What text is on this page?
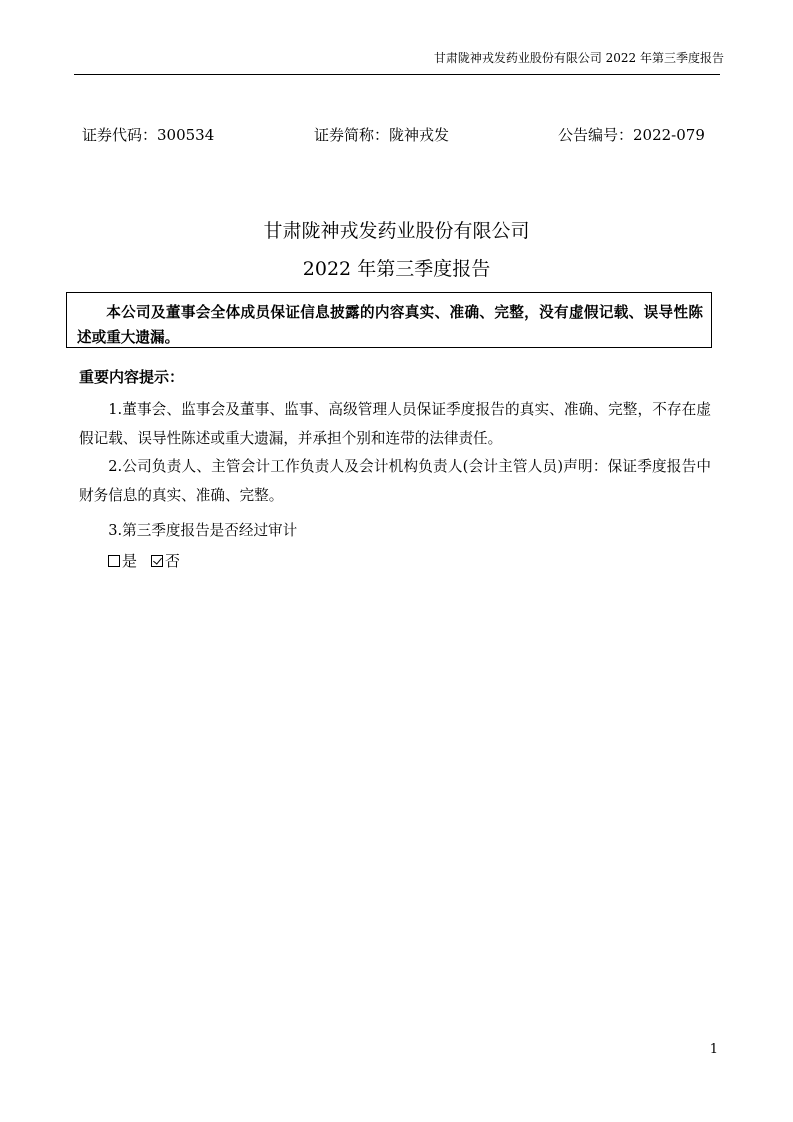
甘肃陇神戎发药业股份有限公司 2022 年第三季度报告
证券代码：300534	证券简称：陇神戎发	公告编号：2022-079
甘肃陇神戎发药业股份有限公司
2022 年第三季度报告

本公司及董事会全体成员保证信息披露的内容真实、准确、完整，没有虚假记载、误导性陈述或重大遗漏。

重要内容提示：

1.董事会、监事会及董事、监事、高级管理人员保证季度报告的真实、准确、完整，不存在虚假记载、误导性陈述或重大遗漏，并承担个别和连带的法律责任。

2.公司负责人、主管会计工作负责人及会计机构负责人(会计主管人员)声明：保证季度报告中财务信息的真实、准确、完整。

3.第三季度报告是否经过审计

是 否
1
